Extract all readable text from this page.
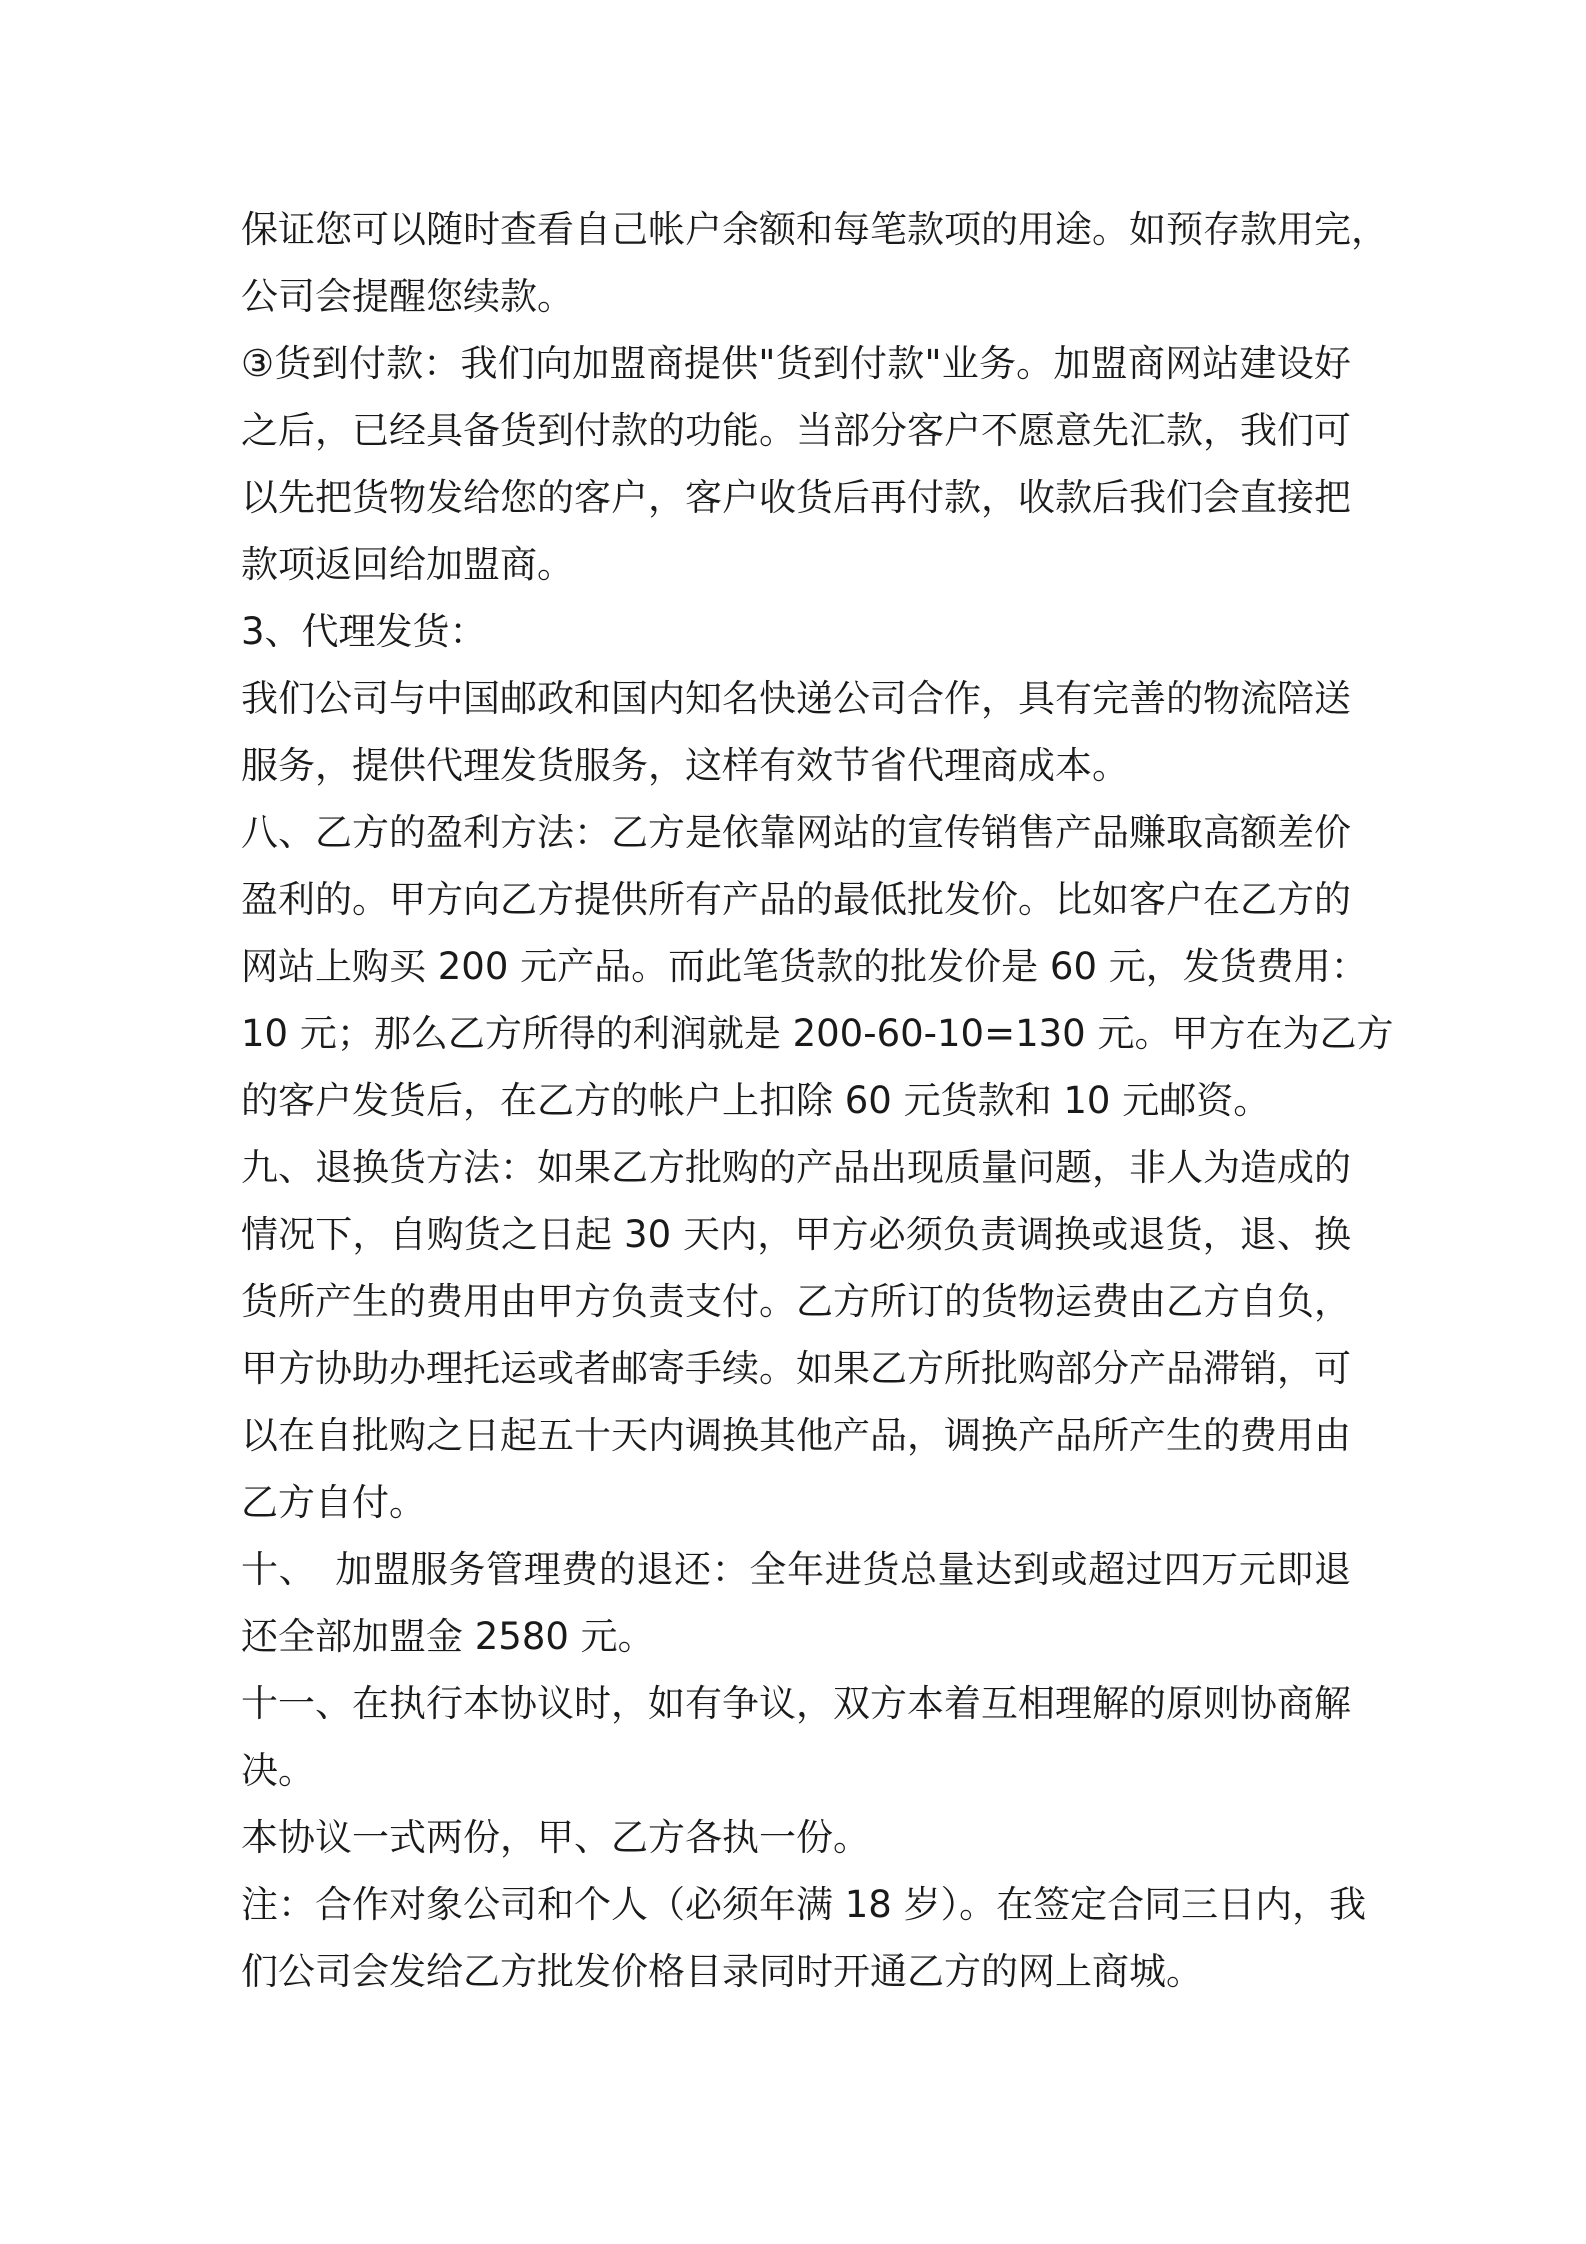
保证您可以随时查看自己帐户余额和每笔款项的用途。如预存款用完，
公司会提醒您续款。
③货到付款：我们向加盟商提供"货到付款"业务。加盟商网站建设好
之后，已经具备货到付款的功能。当部分客户不愿意先汇款，我们可
以先把货物发给您的客户，客户收货后再付款，收款后我们会直接把
款项返回给加盟商。
3、代理发货：
我们公司与中国邮政和国内知名快递公司合作，具有完善的物流陪送
服务，提供代理发货服务，这样有效节省代理商成本。
八、乙方的盈利方法：乙方是依靠网站的宣传销售产品赚取高额差价
盈利的。甲方向乙方提供所有产品的最低批发价。比如客户在乙方的
网站上购买 200 元产品。而此笔货款的批发价是 60 元，发货费用：
10 元；那么乙方所得的利润就是 200-60-10=130 元。甲方在为乙方
的客户发货后，在乙方的帐户上扣除 60 元货款和 10 元邮资。
九、退换货方法：如果乙方批购的产品出现质量问题，非人为造成的
情况下，自购货之日起 30 天内，甲方必须负责调换或退货，退、换
货所产生的费用由甲方负责支付。乙方所订的货物运费由乙方自负，
甲方协助办理托运或者邮寄手续。如果乙方所批购部分产品滞销，可
以在自批购之日起五十天内调换其他产品，调换产品所产生的费用由
乙方自付。
十、　加盟服务管理费的退还：全年进货总量达到或超过四万元即退
还全部加盟金 2580 元。
十一、在执行本协议时，如有争议，双方本着互相理解的原则协商解
决。
本协议一式两份，甲、乙方各执一份。
注：合作对象公司和个人（必须年满 18 岁）。在签定合同三日内，我
们公司会发给乙方批发价格目录同时开通乙方的网上商城。
